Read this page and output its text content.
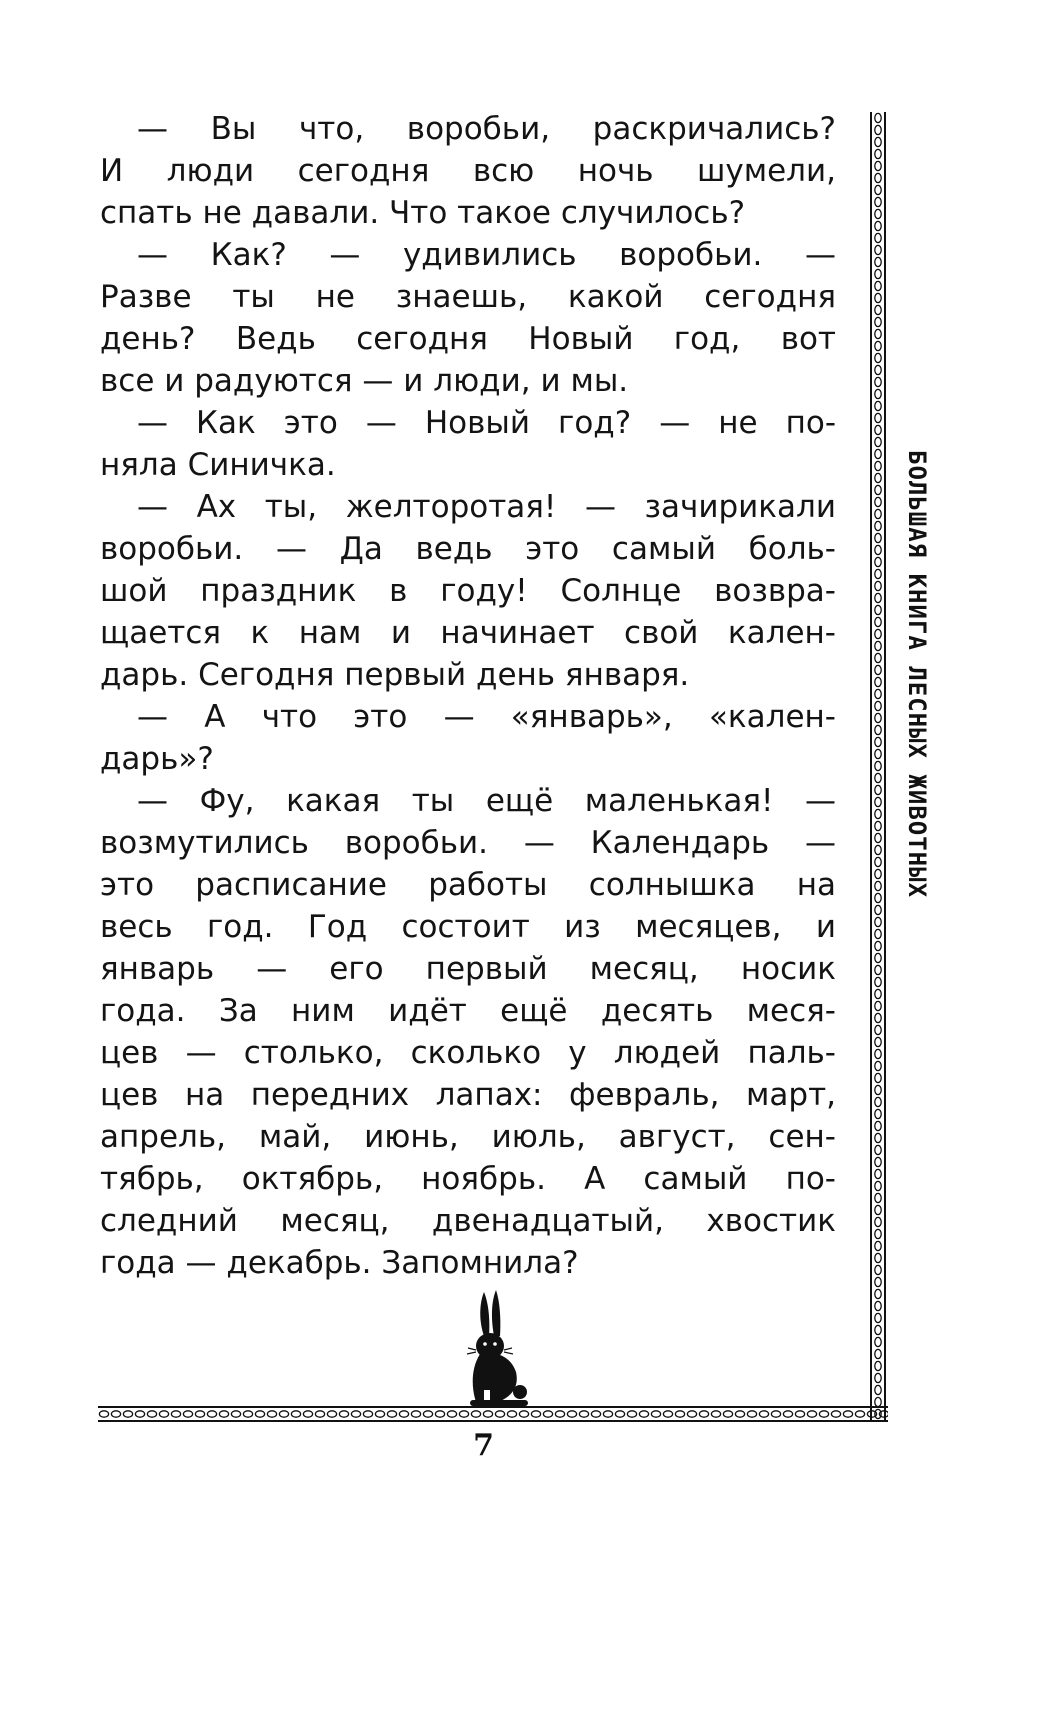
— Вы что, воробьи, раскричались?
И люди сегодня всю ночь шумели,
спать не давали. Что такое случилось?
— Как? — удивились воробьи. —
Разве ты не знаешь, какой сегодня
день? Ведь сегодня Новый год, вот
все и радуются — и люди, и мы.
— Как это — Новый год? — не по-
няла Синичка.
— Ах ты, желторотая! — зачирикали
воробьи. — Да ведь это самый боль-
шой праздник в году! Солнце возвра-
щается к нам и начинает свой кален-
дарь. Сегодня первый день января.
— А что это — «январь», «кален-
дарь»?
— Фу, какая ты ещё маленькая! —
возмутились воробьи. — Календарь —
это расписание работы солнышка на
весь год. Год состоит из месяцев, и
январь — его первый месяц, носик
года. За ним идёт ещё десять меся-
цев — столько, сколько у людей паль-
цев на передних лапах: февраль, март,
апрель, май, июнь, июль, август, сен-
тябрь, октябрь, ноябрь. А самый по-
следний месяц, двенадцатый, хвостик
года — декабрь. Запомнила?
БОЛЬШАЯ КНИГА ЛЕСНЫХ ЖИВОТНЫХ
7
